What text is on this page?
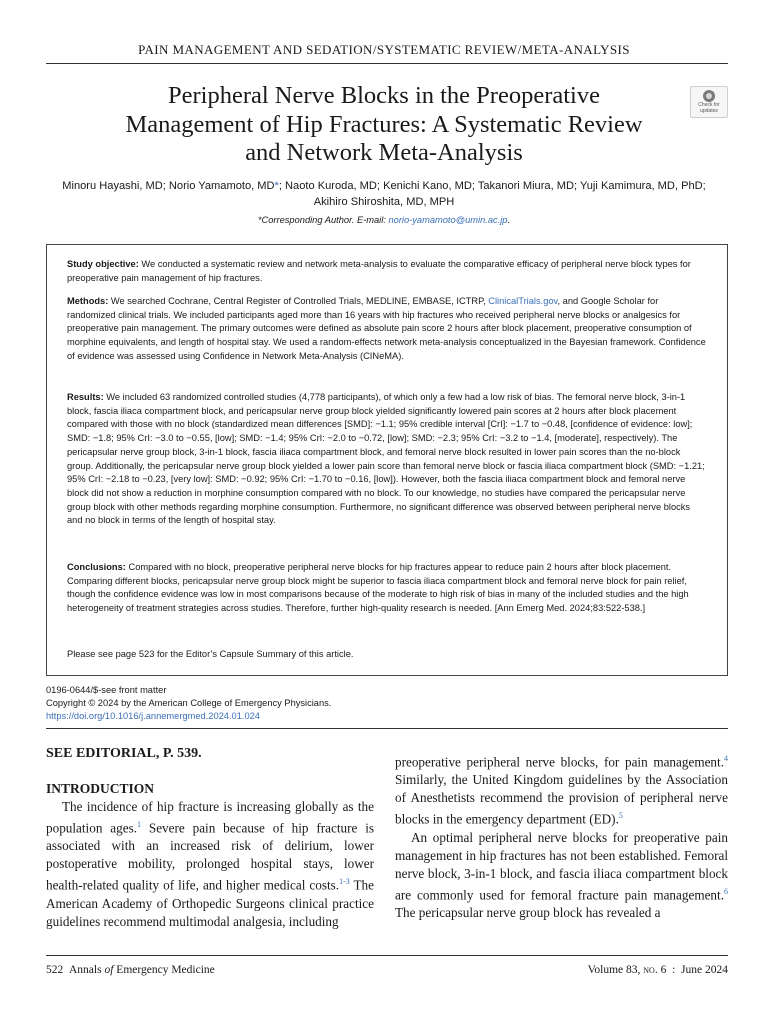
PAIN MANAGEMENT AND SEDATION/SYSTEMATIC REVIEW/META-ANALYSIS
Peripheral Nerve Blocks in the Preoperative Management of Hip Fractures: A Systematic Review and Network Meta-Analysis
Check for updates
Minoru Hayashi, MD; Norio Yamamoto, MD*; Naoto Kuroda, MD; Kenichi Kano, MD; Takanori Miura, MD; Yuji Kamimura, MD, PhD;
Akihiro Shiroshita, MD, MPH
*Corresponding Author. E-mail: norio-yamamoto@umin.ac.jp.

Study objective: We conducted a systematic review and network meta-analysis to evaluate the comparative efficacy of peripheral nerve block types for preoperative pain management of hip fractures.

Methods: We searched Cochrane, Central Register of Controlled Trials, MEDLINE, EMBASE, ICTRP, ClinicalTrials.gov, and Google Scholar for randomized clinical trials. We included participants aged more than 16 years with hip fractures who received peripheral nerve blocks or analgesics for preoperative pain management. The primary outcomes were defined as absolute pain score 2 hours after block placement, preoperative consumption of morphine equivalents, and length of hospital stay. We used a random-effects network meta-analysis conceptualized in the Bayesian framework. Confidence of evidence was assessed using Confidence in Network Meta-Analysis (CINeMA).

Results: We included 63 randomized controlled studies (4,778 participants), of which only a few had a low risk of bias. The femoral nerve block, 3-in-1 block, fascia iliaca compartment block, and pericapsular nerve group block yielded significantly lowered pain scores at 2 hours after block placement compared with those with no block (standardized mean differences [SMD]: −1.1; 95% credible interval [CrI]: −1.7 to −0.48, [confidence of evidence: low]; SMD: −1.8; 95% CrI: −3.0 to −0.55, [low]; SMD: −1.4; 95% CrI: −2.0 to −0.72, [low]; SMD: −2.3; 95% CrI: −3.2 to −1.4, [moderate], respectively). The pericapsular nerve group block, 3-in-1 block, fascia iliaca compartment block, and femoral nerve block resulted in lower pain scores than the no-block group. Additionally, the pericapsular nerve group block yielded a lower pain score than femoral nerve block or fascia iliaca compartment block (SMD: −1.21; 95% CrI: −2.18 to −0.23, [very low]: SMD: −0.92; 95% CrI: −1.70 to −0.16, [low]). However, both the fascia iliaca compartment block and femoral nerve block did not show a reduction in morphine consumption compared with no block. To our knowledge, no studies have compared the pericapsular nerve group block with other methods regarding morphine consumption. Furthermore, no significant difference was observed between peripheral nerve blocks and no block in terms of the length of hospital stay.

Conclusions: Compared with no block, preoperative peripheral nerve blocks for hip fractures appear to reduce pain 2 hours after block placement. Comparing different blocks, pericapsular nerve group block might be superior to fascia iliaca compartment block and femoral nerve block for pain relief, though the confidence evidence was low in most comparisons because of the moderate to high risk of bias in many of the included studies and the high heterogeneity of treatment strategies across studies. Therefore, further high-quality research is needed. [Ann Emerg Med. 2024;83:522-538.]

Please see page 523 for the Editor’s Capsule Summary of this article.

0196-0644/$-see front matter
Copyright © 2024 by the American College of Emergency Physicians.
https://doi.org/10.1016/j.annemergmed.2024.01.024
SEE EDITORIAL, P. 539.
INTRODUCTION

The incidence of hip fracture is increasing globally as the population ages.$^1$ Severe pain because of hip fracture is associated with an increased risk of delirium, lower postoperative mobility, prolonged hospital stays, lower health-related quality of life, and higher medical costs.$^{1-3}$ The American Academy of Orthopedic Surgeons clinical practice guidelines recommend multimodal analgesia, including

preoperative peripheral nerve blocks, for pain management.$^4$ Similarly, the United Kingdom guidelines by the Association of Anesthetists recommend the provision of peripheral nerve blocks in the emergency department (ED).$^5$

An optimal peripheral nerve blocks for preoperative pain management in hip fractures has not been established. Femoral nerve block, 3-in-1 block, and fascia iliaca compartment block are commonly used for femoral fracture pain management.$^6$ The pericapsular nerve group block has revealed a

522 Annals of Emergency Medicine	Volume 83, no. 6  :  June 2024
